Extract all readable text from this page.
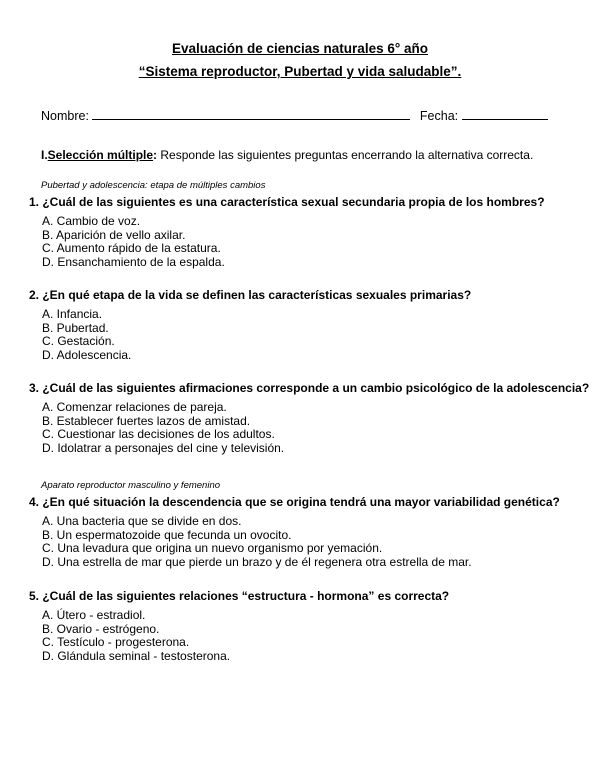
Evaluación de ciencias naturales 6° año
“Sistema reproductor, Pubertad y vida saludable”.
Nombre:	Fecha:
I.Selección múltiple: Responde las siguientes preguntas encerrando la alternativa correcta.
Pubertad y adolescencia: etapa de múltiples cambios

1. ¿Cuál de las siguientes es una característica sexual secundaria propia de los hombres?

A. Cambio de voz.
B. Aparición de vello axilar.
C. Aumento rápido de la estatura.
D. Ensanchamiento de la espalda.

2. ¿En qué etapa de la vida se definen las características sexuales primarias?

A. Infancia.
B. Pubertad.
C. Gestación.
D. Adolescencia.

3. ¿Cuál de las siguientes afirmaciones corresponde a un cambio psicológico de la adolescencia?

A. Comenzar relaciones de pareja.
B. Establecer fuertes lazos de amistad.
C. Cuestionar las decisiones de los adultos.
D. Idolatrar a personajes del cine y televisión.
Aparato reproductor masculino y femenino

4. ¿En qué situación la descendencia que se origina tendrá una mayor variabilidad genética?

A. Una bacteria que se divide en dos.
B. Un espermatozoide que fecunda un ovocito.
C. Una levadura que origina un nuevo organismo por yemación.
D. Una estrella de mar que pierde un brazo y de él regenera otra estrella de mar.

5. ¿Cuál de las siguientes relaciones “estructura - hormona” es correcta?

A. Útero - estradiol.
B. Ovario - estrógeno.
C. Testículo - progesterona.
D. Glándula seminal - testosterona.
